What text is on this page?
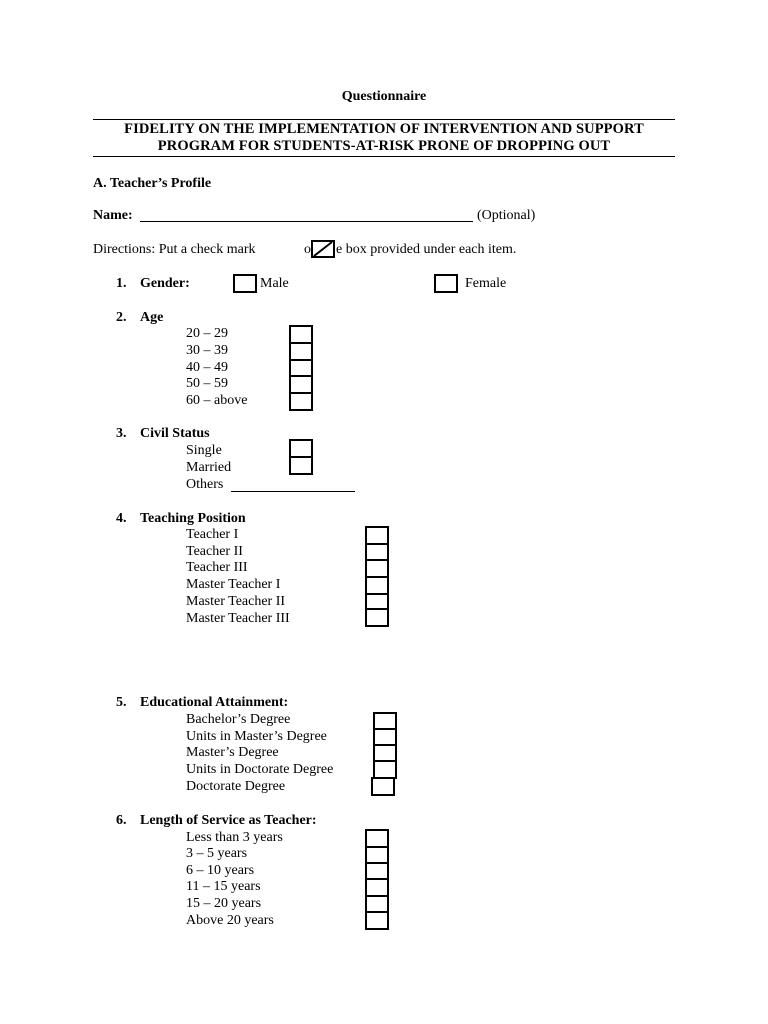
Questionnaire
FIDELITY ON THE IMPLEMENTATION OF INTERVENTION AND SUPPORT
PROGRAM FOR STUDENTS-AT-RISK PRONE OF DROPPING OUT
A. Teacher’s Profile
Name:	(Optional)
Directions: Put a check mark	o e box provided under each item.
1. Gender:	Male	Female
2. Age
20 – 29
30 – 39
40 – 49
50 – 59
60 – above
3. Civil Status
Single
Married
Others
4. Teaching Position
Teacher I
Teacher II
Teacher III
Master Teacher I
Master Teacher II
Master Teacher III
5. Educational Attainment:
Bachelor’s Degree
Units in Master’s Degree
Master’s Degree
Units in Doctorate Degree
Doctorate Degree
6. Length of Service as Teacher:
Less than 3 years
3 – 5 years
6 – 10 years
11 – 15 years
15 – 20 years
Above 20 years
